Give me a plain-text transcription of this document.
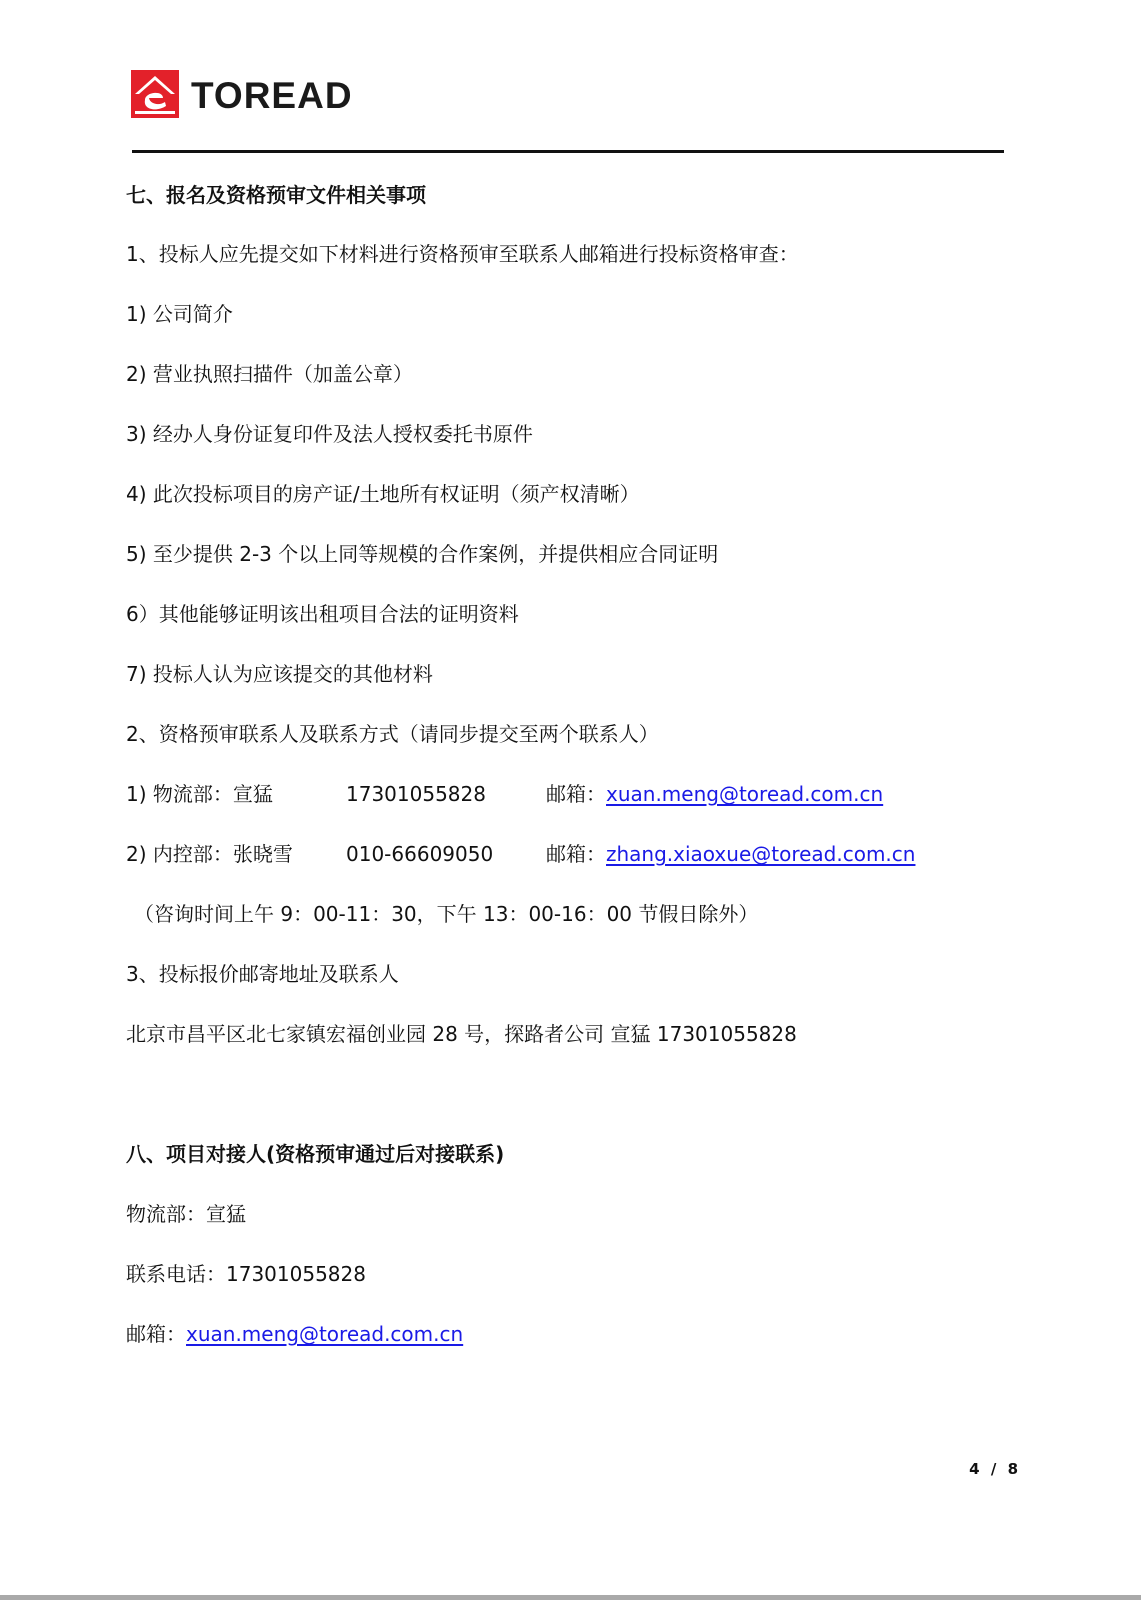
TOREAD
七、报名及资格预审文件相关事项
1、投标人应先提交如下材料进行资格预审至联系人邮箱进行投标资格审查：
1) 公司简介
2) 营业执照扫描件（加盖公章）
3) 经办人身份证复印件及法人授权委托书原件
4) 此次投标项目的房产证/土地所有权证明（须产权清晰）
5) 至少提供 2-3 个以上同等规模的合作案例，并提供相应合同证明
6）其他能够证明该出租项目合法的证明资料
7) 投标人认为应该提交的其他材料
2、资格预审联系人及联系方式（请同步提交至两个联系人）
1) 物流部：宣猛	17301055828	邮箱：xuan.meng@toread.com.cn
2) 内控部：张晓雪	010-66609050	邮箱：zhang.xiaoxue@toread.com.cn
（咨询时间上午 9：00-11：30，下午 13：00-16：00 节假日除外）
3、投标报价邮寄地址及联系人
北京市昌平区北七家镇宏福创业园 28 号，探路者公司 宣猛 17301055828
八、项目对接人(资格预审通过后对接联系)
物流部：宣猛
联系电话：17301055828
邮箱：xuan.meng@toread.com.cn
4 / 8
